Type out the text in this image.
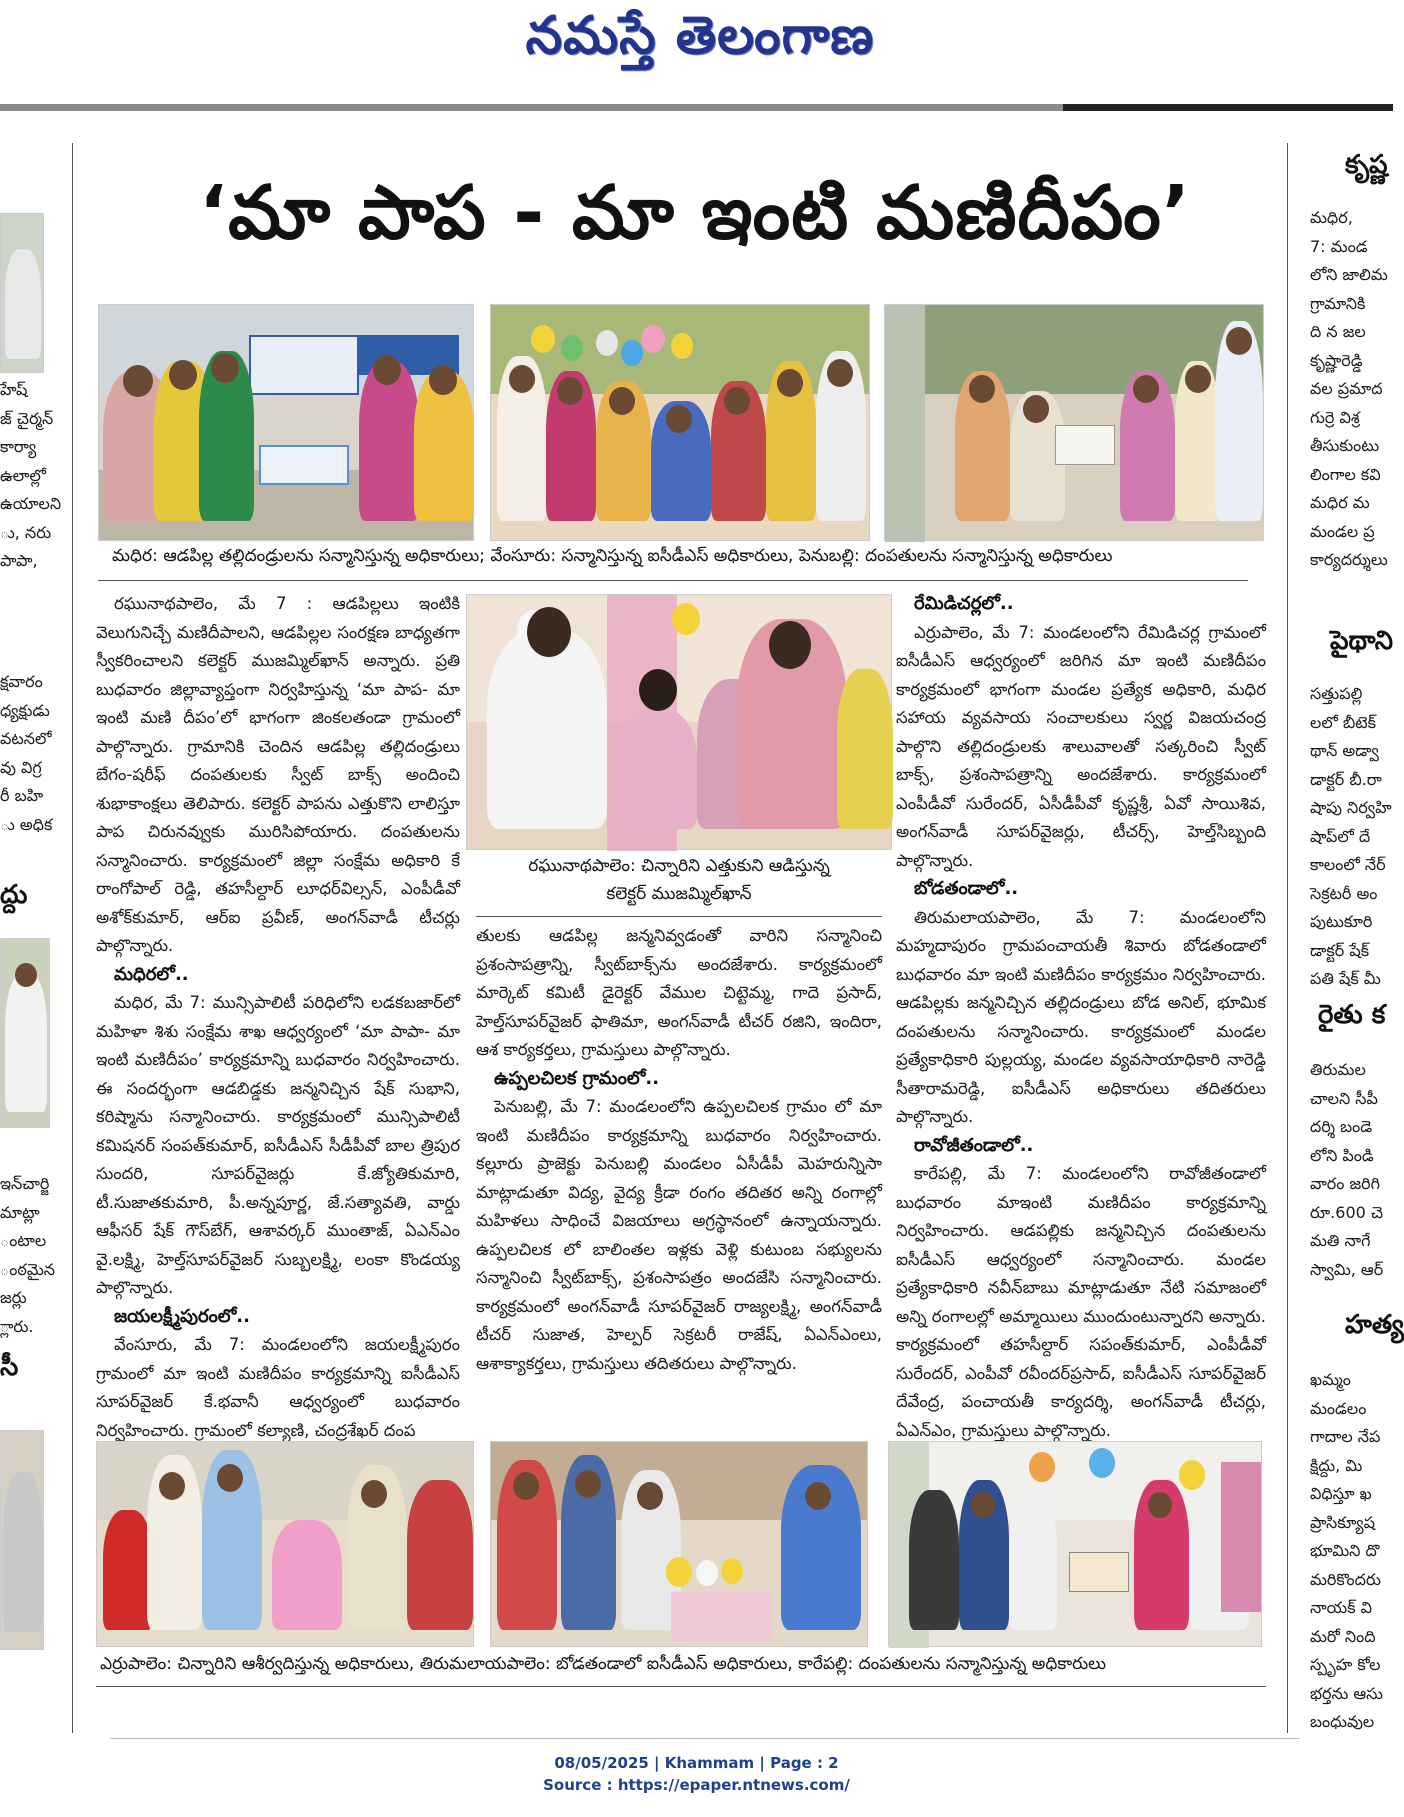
నమస్తే తెలంగాణ
‘మా పాప - మా ఇంటి మణిదీపం’
మధిర: ఆడపిల్ల తల్లిదండ్రులను సన్మానిస్తున్న అధికారులు; వేంసూరు: సన్మానిస్తున్న ఐసీడీఎస్ అధికారులు, పెనుబల్లి: దంపతులను సన్మానిస్తున్న అధికారులు
రఘునాథపాలెం: చిన్నారిని ఎత్తుకుని ఆడిస్తున్న
కలెక్టర్ ముజమ్మిల్‌ఖాన్

రఘునాథపాలెం, మే 7 : ఆడపిల్లలు ఇంటికి వెలుగునిచ్చే మణిదీపాలని, ఆడపిల్లల సంరక్షణ బాధ్యతగా స్వీకరించాలని కలెక్టర్ ముజమ్మిల్‌ఖాన్ అన్నారు. ప్రతి బుధవారం జిల్లావ్యాప్తంగా నిర్వహిస్తున్న ‘మా పాప- మా ఇంటి మణి దీపం’లో భాగంగా జింకలతండా గ్రామంలో పాల్గొన్నారు. గ్రామానికి చెందిన ఆడపిల్ల తల్లిదండ్రులు బేగం-షరీఫ్ దంపతులకు స్వీట్ బాక్స్ అందించి శుభాకాంక్షలు తెలిపారు. కలెక్టర్ పాపను ఎత్తుకొని లాలిస్తూ పాప చిరునవ్వుకు మురిసిపోయారు. దంపతులను సన్మానించారు. కార్యక్రమంలో జిల్లా సంక్షేమ అధికారి కే రాంగోపాల్ రెడ్డి, తహసీల్దార్ లూధర్‌విల్సన్, ఎంపీడీవో అశోక్‌కుమార్, ఆర్‌ఐ ప్రవీణ్, అంగన్‌వాడీ టీచర్లు పాల్గొన్నారు.

మధిరలో..

మధిర, మే 7: మున్సిపాలిటీ పరిధిలోని లడకబజార్‌లో మహిళా శిశు సంక్షేమ శాఖ ఆధ్వర్యంలో ‘మా పాపా- మా ఇంటి మణిదీపం’ కార్యక్రమాన్ని బుధవారం నిర్వహించారు. ఈ సందర్భంగా ఆడబిడ్డకు జన్మనిచ్చిన షేక్ సుభాని, కరిష్మాను సన్మానించారు. కార్యక్రమంలో మున్సిపాలిటీ కమిషనర్ సంపత్‌కుమార్, ఐసీడీఎస్ సీడీపీవో బాల త్రిపుర సుందరి, సూపర్‌వైజర్లు కే.జ్యోతికుమారి, టీ.సుజాతకుమారి, పీ.అన్నపూర్ణ, జే.సత్యావతి, వార్డు ఆఫీసర్ షేక్ గౌస్‌బేగ్, ఆశావర్కర్ ముంతాజ్, ఏఎన్ఎం వై.లక్ష్మి, హెల్త్‌సూపర్‌వైజర్ సుబ్బలక్ష్మి, లంకా కొండయ్య పాల్గొన్నారు.

జయలక్ష్మీపురంలో..

వేంసూరు, మే 7: మండలంలోని జయలక్ష్మీపురం గ్రామంలో మా ఇంటి మణిదీపం కార్యక్రమాన్ని ఐసీడీఎస్ సూపర్‌వైజర్ కే.భవానీ ఆధ్వర్యంలో బుధవారం నిర్వహించారు. గ్రామంలో కల్యాణి, చంద్రశేఖర్ దంప

తులకు ఆడపిల్ల జన్మనివ్వడంతో వారిని సన్మానించి ప్రశంసాపత్రాన్ని, స్వీట్‌బాక్స్‌ను అందజేశారు. కార్యక్రమంలో మార్కెట్ కమిటీ డైరెక్టర్ వేముల చిట్టెమ్మ, గాదె ప్రసాద్, హెల్త్‌సూపర్‌వైజర్ ఫాతిమా, అంగన్‌వాడీ టీచర్ రజిని, ఇందిరా, ఆశ కార్యకర్తలు, గ్రామస్తులు పాల్గొన్నారు.
ఉప్పలచిలక గ్రామంలో..

పెనుబల్లి, మే 7: మండలంలోని ఉప్పలచిలక గ్రామం లో మా ఇంటి మణిదీపం కార్యక్రమాన్ని బుధవారం నిర్వహించారు. కల్లూరు ప్రాజెక్టు పెనుబల్లి మండలం ఏసీడీపీ మెహరున్నిసా మాట్లాడుతూ విద్య, వైద్య క్రీడా రంగం తదితర అన్ని రంగాల్లో మహిళలు సాధించే విజయాలు అగ్రస్థానంలో ఉన్నాయన్నారు. ఉప్పలచిలక లో బాలింతల ఇళ్లకు వెళ్లి కుటుంబ సభ్యులను సన్మానించి స్వీట్‌బాక్స్, ప్రశంసాపత్రం అందజేసి సన్మానించారు. కార్యక్రమంలో అంగన్‌వాడీ సూపర్‌వైజర్ రాజ్యలక్ష్మి, అంగన్‌వాడీ టీచర్ సుజాత, హెల్పర్ సెక్రటరీ రాజేష్, ఏఎన్ఎంలు, ఆశాక్యాకర్తలు, గ్రామస్తులు తదితరులు పాల్గొన్నారు.

రేమిడిచర్లలో..

ఎర్రుపాలెం, మే 7: మండలంలోని రేమిడిచర్ల గ్రామంలో ఐసీడీఎస్ ఆధ్వర్యంలో జరిగిన మా ఇంటి మణిదీపం కార్యక్రమంలో భాగంగా మండల ప్రత్యేక అధికారి, మధిర సహాయ వ్యవసాయ సంచాలకులు స్వర్ణ విజయచంద్ర పాల్గొని తల్లిదండ్రులకు శాలువాలతో సత్కరించి స్వీట్ బాక్స్, ప్రశంసాపత్రాన్ని అందజేశారు. కార్యక్రమంలో ఎంపీడీవో సురేందర్, ఏసీడీపీవో కృష్ణశ్రీ, ఏవో సాయిశివ, అంగన్‌వాడీ సూపర్‌వైజర్లు, టీచర్స్, హెల్త్‌సిబ్బంది పాల్గొన్నారు.

బోడతండాలో..

తిరుమలాయపాలెం, మే 7: మండలంలోని మహ్మదాపురం గ్రామపంచాయతీ శివారు బోడతండాలో బుధవారం మా ఇంటి మణిదీపం కార్యక్రమం నిర్వహించారు. ఆడపిల్లకు జన్మనిచ్చిన తల్లిదండ్రులు బోడ అనిల్, భూమిక దంపతులను సన్మానించారు. కార్యక్రమంలో మండల ప్రత్యేకాధికారి పుల్లయ్య, మండల వ్యవసాయాధికారి నారెడ్డి సీతారామరెడ్డి, ఐసీడీఎస్ అధికారులు తదితరులు పాల్గొన్నారు.

రావోజీతండాలో..

కారేపల్లి, మే 7: మండలంలోని రావోజీతండాలో బుధవారం మాఇంటి మణిదీపం కార్యక్రమాన్ని నిర్వహించారు. ఆడపల్లికు జన్మనిచ్చిన దంపతులను ఐసీడీఎస్ ఆధ్వర్యంలో సన్మానించారు. మండల ప్రత్యేకాధికారి నవీన్‌బాబు మాట్లాడుతూ నేటి సమాజంలో అన్ని రంగాలల్లో అమ్మాయిలు ముందుంటున్నారని అన్నారు. కార్యక్రమంలో తహసీల్దార్ సపంత్‌కుమార్, ఎంపీడీవో సురేందర్, ఎంపీవో రవీందర్‌ప్రసాద్, ఐసీడీఎస్ సూపర్‌వైజర్ దేవేంద్ర, పంచాయతీ కార్యదర్శి, అంగన్‌వాడీ టీచర్లు, ఏఎన్ఎం, గ్రామస్తులు పాల్గొన్నారు.

ఎర్రుపాలెం: చిన్నారిని ఆశీర్వదిస్తున్న అధికారులు, తిరుమలాయపాలెం: బోడతండాలో ఐసీడీఎస్ అధికారులు, కారేపల్లి: దంపతులను సన్మానిస్తున్న అధికారులు
హేష్
జ్ చైర్మన్
కార్యా
ఉలాల్లో
ఉయాలని
ు, నరు
పాపా,
క్షవారం
ధ్యక్షుడు
వటనలో
వు విగ్ర
రీ బహి
ు అధిక
ద్దు
ఇన్‌చార్జి
మాట్లా
ంటాల
ంఠమైన
జర్లు
్లారు.
సీ
కృష్ణ
మధిర,
7: మండ
లోని జాలిమ
గ్రామానికి
ది న జల
కృష్ణారెడ్డి
వల ప్రమాద
గుర్రె విశ్ర
తీసుకుంటు
లింగాల కవి
మధిర మ
మండల ప్ర
కార్యదర్శులు
పైథాని
సత్తుపల్లి
లలో బీటెక్
థాన్ అడ్వా
డాక్టర్ బీ.రా
షాపు నిర్వహి
షాప్‌లో దే
కాలంలో నేర్
సెక్రటరీ అం
పుటుకూరి
డాక్టర్ షేక్
పతి షేక్ మీ
రైతు క
తిరుమల
చాలని సీపీ
దర్శి బండె
లోని పిండి
వారం జరిగి
రూ.600 చె
మతి నాగే
స్వామి, ఆర్
హత్య
ఖమ్మం
మండలం
గాదాల నేప
క్షిద్దు, మి
విధిస్తూ ఖ
ప్రాసిక్యూష
భూమిని దొ
మరికొందరు
నాయక్ వి
మరో నింది
స్పృహ కోల
భర్తను ఆసు
బంధువుల
08/05/2025 | Khammam | Page : 2
Source : https://epaper.ntnews.com/
